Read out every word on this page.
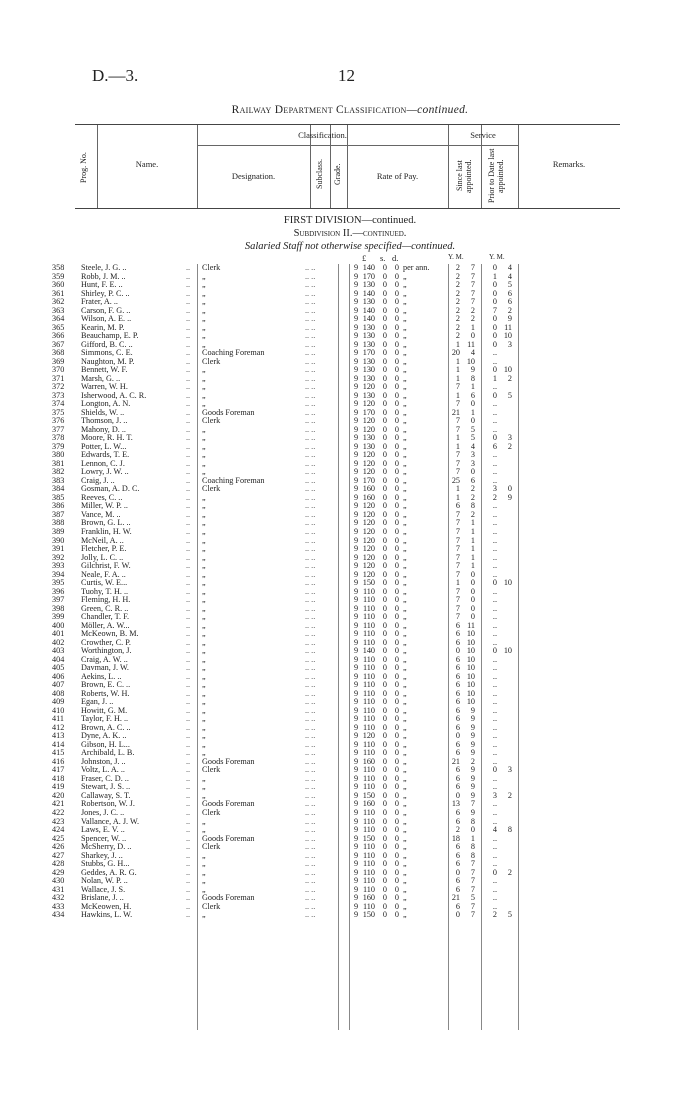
D.—3.	12
Railway Department Classification—continued.
Prog. No.	Name.
Classification.
Designation.	Subclass. Grade.	Rate of Pay.
Service
Since last appointed. Prior to Date last appointed.	Remarks.
FIRST DIVISION—continued.
Subdivision II.—continued.
Salaried Staff not otherwise specified—continued.
£ s. d.	Y. M.	Y. M.
..	.. ..
358	Steele, J. G. ..	Clerk	9 140 0 0 per ann.	2	7	0	4
..	.. ..
359	Robb, J. M. ..	„	9 170 0 0 „	2	7	1	4
..	.. ..
360	Hunt, F. E. ..	„	9 130 0 0 „	2	7	0	5
..	.. ..
361	Shirley, P. C. ..	„	9 140 0 0 „	2	7	0	6
..	.. ..
362	Frater, A. ..	„	9 130 0 0 „	2	7	0	6
..	.. ..
363	Carson, F. G. ..	„	9 140 0 0 „	2	2	7	2
..	.. ..
364	Wilson, A. E. ..	„	9 140 0 0 „	2	2	0	9
..	.. ..
365	Kearin, M. P.	„	9 130 0 0 „	2	1	0 11
..	.. ..
366	Beauchamp, E. P.	„	9 130 0 0 „	2	0	0 10
..	.. ..
367	Gifford, B. C. ..	„	9 130 0 0 „	1 11	0	3
..	.. ..
368	Simmons, C. E.	Coaching Foreman	9 170 0 0 „	20	4	..
..	.. ..
369	Naughton, M. P.	Clerk	9 130 0 0 „	1 10	..
..	.. ..
370	Bennett, W. F.	„	9 130 0 0 „	1	9	0 10
..	.. ..
371	Marsh, G. ..	„	9 130 0 0 „	1	8	1	2
..	.. ..
372	Warren, W. H.	„	9 120 0 0 „	7	1	..
..	.. ..
373	Isherwood, A. C. R.	„	9 130 0 0 „	1	6	0	5
..	.. ..
374	Longton, A. N.	„	9 120 0 0 „	7	0	..
..	.. ..
375	Shields, W. ..	Goods Foreman	9 170 0 0 „	21	1	..
..	.. ..
376	Thomson, J. ..	Clerk	9 120 0 0 „	7	0	..
..	.. ..
377	Mahony, D. ..	„	9 120 0 0 „	7	5	..
..	.. ..
378	Moore, R. H. T.	„	9 130 0 0 „	1	5	0	3
..	.. ..
379	Potter, L. W...	„	9 130 0 0 „	1	4	6	2
..	.. ..
380	Edwards, T. E.	„	9 120 0 0 „	7	3	..
..	.. ..
381	Lennon, C. J.	„	9 120 0 0 „	7	3	..
..	.. ..
382	Lowry, J. W. ..	„	9 120 0 0 „	7	0	..
..	.. ..
383	Craig, J. ..	Coaching Foreman	9 170 0 0 „	25	6	..
..	.. ..
384	Gosman, A. D. C.	Clerk	9 160 0 0 „	1	2	3	0
..	.. ..
385	Reeves, C. ..	„	9 160 0 0 „	1	2	2	9
..	.. ..
386	Miller, W. P. ..	„	9 120 0 0 „	6	8	..
..	.. ..
387	Vance, M. ..	„	9 120 0 0 „	7	2	..
..	.. ..
388	Brown, G. L. ..	„	9 120 0 0 „	7	1	..
..	.. ..
389	Franklin, H. W.	„	9 120 0 0 „	7	1	..
..	.. ..
390	McNeil, A. ..	„	9 120 0 0 „	7	1	..
..	.. ..
391	Fletcher, P. E.	„	9 120 0 0 „	7	1	..
..	.. ..
392	Jolly, L. C. ..	„	9 120 0 0 „	7	1	..
..	.. ..
393	Gilchrist, F. W.	„	9 120 0 0 „	7	1	..
..	.. ..
394	Neale, F. A. ..	„	9 120 0 0 „	7	0	..
..	.. ..
395	Curtis, W. E...	„	9 150 0 0 „	1	0	0 10
..	.. ..
396	Tuohy, T. H. ..	„	9 110 0 0 „	7	0	..
..	.. ..
397	Fleming, H. H.	„	9 110 0 0 „	7	0	..
..	.. ..
398	Green, C. R. ..	„	9 110 0 0 „	7	0	..
..	.. ..
399	Chandler, T. F.	„	9 110 0 0 „	7	0	..
..	.. ..
400	Möller, A. W...	„	9 110 0 0 „	6 11	..
..	.. ..
401	McKeown, B. M.	„	9 110 0 0 „	6 10	..
..	.. ..
402	Crowther, C. P.	„	9 110 0 0 „	6 10	..
..	.. ..
403	Worthington, J.	„	9 140 0 0 „	0 10	0 10
..	.. ..
404	Craig, A. W. ..	„	9 110 0 0 „	6 10	..
..	.. ..
405	Davman, J. W.	„	9 110 0 0 „	6 10	..
..	.. ..
406	Aekins, L. ..	„	9 110 0 0 „	6 10	..
..	.. ..
407	Brown, E. C. ..	„	9 110 0 0 „	6 10	..
..	.. ..
408	Roberts, W. H.	„	9 110 0 0 „	6 10	..
..	.. ..
409	Egan, J. ..	„	9 110 0 0 „	6 10	..
..	.. ..
410	Howitt, G. M.	„	9 110 0 0 „	6	9	..
..	.. ..
411	Taylor, F. H. ..	„	9 110 0 0 „	6	9	..
..	.. ..
412	Brown, A. C. ..	„	9 110 0 0 „	6	9	..
..	.. ..
413	Dyne, A. K. ..	„	9 120 0 0 „	0	9	..
..	.. ..
414	Gibson, H. L...	„	9 110 0 0 „	6	9	..
..	.. ..
415	Archibald, L. B.	„	9 110 0 0 „	6	9	..
..	.. ..
416	Johnston, J. ..	Goods Foreman	9 160 0 0 „	21	2	..
..	.. ..
417	Voltz, L. A. ..	Clerk	9 110 0 0 „	6	9	0	3
..	.. ..
418	Fraser, C. D. ..	„	9 110 0 0 „	6	9	..
..	.. ..
419	Stewart, J. S. ..	„	9 110 0 0 „	6	9	..
..	.. ..
420	Callaway, S. T.	„	9 150 0 0 „	0	9	3	2
..	.. ..
421	Robertson, W. J.	Goods Foreman	9 160 0 0 „	13	7	..
..	.. ..
422	Jones, J. C. ..	Clerk	9 110 0 0 „	6	9	..
..	.. ..
423	Vallance, A. J. W.	„	9 110 0 0 „	6	8	..
..	.. ..
424	Laws, E. V. ..	„	9 110 0 0 „	2	0	4	8
..	.. ..
425	Spencer, W. ..	Goods Foreman	9 150 0 0 „	18	1	..
..	.. ..
426	McSherry, D. ..	Clerk	9 110 0 0 „	6	8	..
..	.. ..
427	Sharkey, J. ..	„	9 110 0 0 „	6	8	..
..	.. ..
428	Stubbs, G. H...	„	9 110 0 0 „	6	7	..
..	.. ..
429	Geddes, A. R. G.	„	9 110 0 0 „	0	7	0	2
..	.. ..
430	Nolan, W. P. ..	„	9 110 0 0 „	6	7	..
..	.. ..
431	Wallace, J. S.	„	9 110 0 0 „	6	7	..
..	.. ..
432	Brislane, J. ..	Goods Foreman	9 160 0 0 „	21	5	..
..	.. ..
433	McKeowen, H.	Clerk	9 110 0 0 „	6	7	..
..	.. ..
434	Hawkins, L. W.	„	9 150 0 0 „	0	7	2	5
